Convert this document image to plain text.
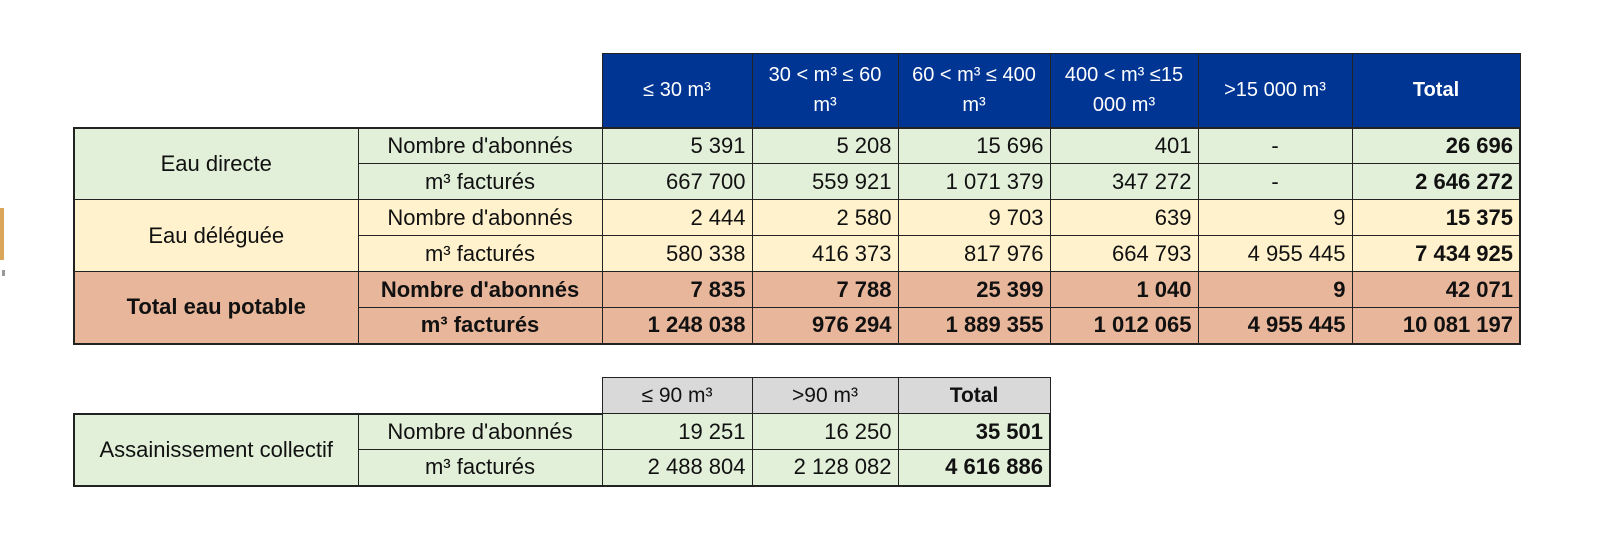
		≤ 30 m³	30 < m³ ≤ 60 m³	60 < m³ ≤ 400 m³	400 < m³ ≤15 000 m³	>15 000 m³	Total
Eau directe	Nombre d'abonnés	5 391	5 208	15 696	401	-	26 696
	m³ facturés	667 700	559 921	1 071 379	347 272	-	2 646 272
Eau déléguée	Nombre d'abonnés	2 444	2 580	9 703	639	9	15 375
	m³ facturés	580 338	416 373	817 976	664 793	4 955 445	7 434 925
Total eau potable	Nombre d'abonnés	7 835	7 788	25 399	1 040	9	42 071
	m³ facturés	1 248 038	976 294	1 889 355	1 012 065	4 955 445	10 081 197
		≤ 90 m³	>90 m³	Total
Assainissement collectif	Nombre d'abonnés	19 251	16 250	35 501
	m³ facturés	2 488 804	2 128 082	4 616 886
